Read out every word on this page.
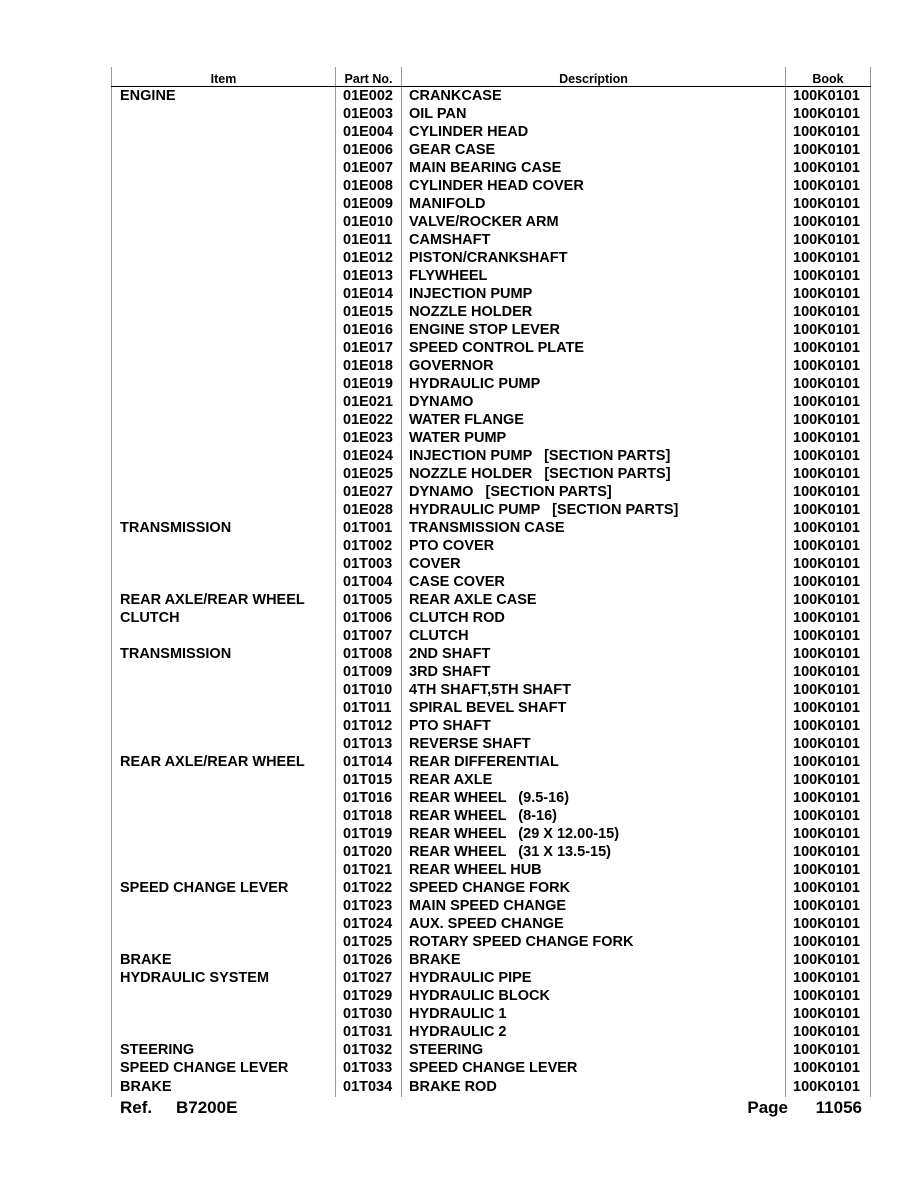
Item	Part No.	Description	Book
ENGINE	01E002	CRANKCASE	100K0101
	01E003	OIL PAN	100K0101
	01E004	CYLINDER HEAD	100K0101
	01E006	GEAR CASE	100K0101
	01E007	MAIN BEARING CASE	100K0101
	01E008	CYLINDER HEAD COVER	100K0101
	01E009	MANIFOLD	100K0101
	01E010	VALVE/ROCKER ARM	100K0101
	01E011	CAMSHAFT	100K0101
	01E012	PISTON/CRANKSHAFT	100K0101
	01E013	FLYWHEEL	100K0101
	01E014	INJECTION PUMP	100K0101
	01E015	NOZZLE HOLDER	100K0101
	01E016	ENGINE STOP LEVER	100K0101
	01E017	SPEED CONTROL PLATE	100K0101
	01E018	GOVERNOR	100K0101
	01E019	HYDRAULIC PUMP	100K0101
	01E021	DYNAMO	100K0101
	01E022	WATER FLANGE	100K0101
	01E023	WATER PUMP	100K0101
	01E024	INJECTION PUMP   [SECTION PARTS]	100K0101
	01E025	NOZZLE HOLDER   [SECTION PARTS]	100K0101
	01E027	DYNAMO   [SECTION PARTS]	100K0101
	01E028	HYDRAULIC PUMP   [SECTION PARTS]	100K0101
TRANSMISSION	01T001	TRANSMISSION CASE	100K0101
	01T002	PTO COVER	100K0101
	01T003	COVER	100K0101
	01T004	CASE COVER	100K0101
REAR AXLE/REAR WHEEL	01T005	REAR AXLE CASE	100K0101
CLUTCH	01T006	CLUTCH ROD	100K0101
	01T007	CLUTCH	100K0101
TRANSMISSION	01T008	2ND SHAFT	100K0101
	01T009	3RD SHAFT	100K0101
	01T010	4TH SHAFT,5TH SHAFT	100K0101
	01T011	SPIRAL BEVEL SHAFT	100K0101
	01T012	PTO SHAFT	100K0101
	01T013	REVERSE SHAFT	100K0101
REAR AXLE/REAR WHEEL	01T014	REAR DIFFERENTIAL	100K0101
	01T015	REAR AXLE	100K0101
	01T016	REAR WHEEL   (9.5-16)	100K0101
	01T018	REAR WHEEL   (8-16)	100K0101
	01T019	REAR WHEEL   (29 X 12.00-15)	100K0101
	01T020	REAR WHEEL   (31 X 13.5-15)	100K0101
	01T021	REAR WHEEL HUB	100K0101
SPEED CHANGE LEVER	01T022	SPEED CHANGE FORK	100K0101
	01T023	MAIN SPEED CHANGE	100K0101
	01T024	AUX. SPEED CHANGE	100K0101
	01T025	ROTARY SPEED CHANGE FORK	100K0101
BRAKE	01T026	BRAKE	100K0101
HYDRAULIC SYSTEM	01T027	HYDRAULIC PIPE	100K0101
	01T029	HYDRAULIC BLOCK	100K0101
	01T030	HYDRAULIC 1	100K0101
	01T031	HYDRAULIC 2	100K0101
STEERING	01T032	STEERING	100K0101
SPEED CHANGE LEVER	01T033	SPEED CHANGE LEVER	100K0101
BRAKE	01T034	BRAKE ROD	100K0101
Ref. B7200E	Page 11056
